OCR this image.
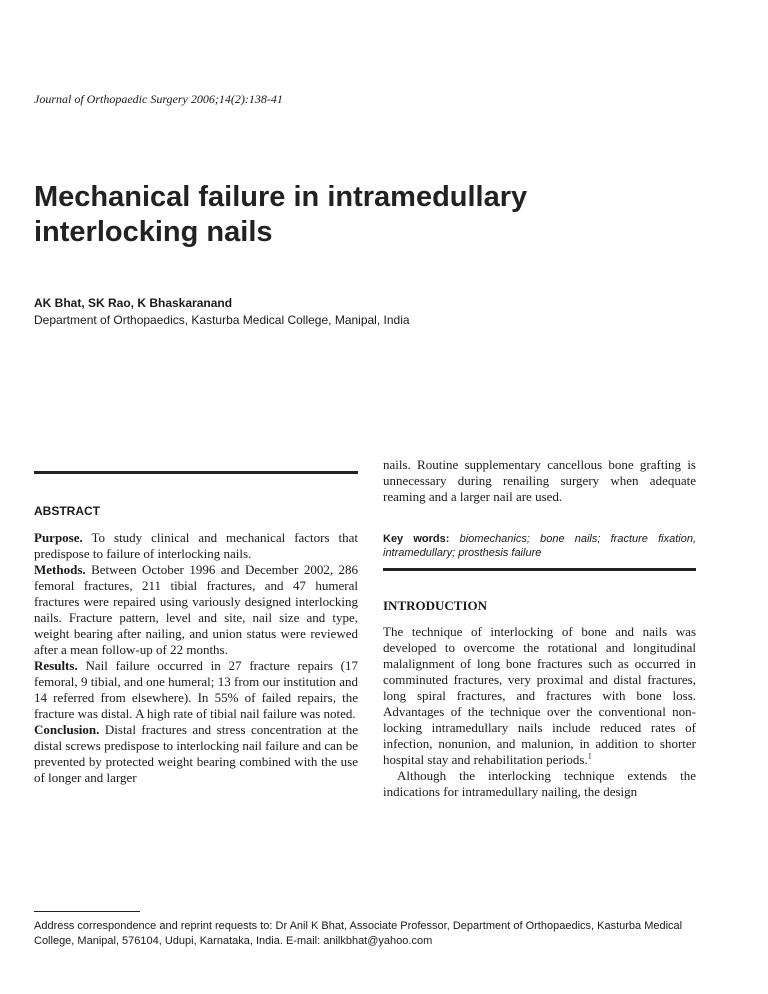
Journal of Orthopaedic Surgery 2006;14(2):138-41
Mechanical failure in intramedullary interlocking nails
AK Bhat, SK Rao, K Bhaskaranand
Department of Orthopaedics, Kasturba Medical College, Manipal, India
ABSTRACT

Purpose. To study clinical and mechanical factors that predispose to failure of interlocking nails.

Methods. Between October 1996 and December 2002, 286 femoral fractures, 211 tibial fractures, and 47 humeral fractures were repaired using variously designed interlocking nails. Fracture pattern, level and site, nail size and type, weight bearing after nailing, and union status were reviewed after a mean follow-up of 22 months.

Results. Nail failure occurred in 27 fracture repairs (17 femoral, 9 tibial, and one humeral; 13 from our institution and 14 referred from elsewhere). In 55% of failed repairs, the fracture was distal. A high rate of tibial nail failure was noted.

Conclusion. Distal fractures and stress concentration at the distal screws predispose to interlocking nail failure and can be prevented by protected weight bearing combined with the use of longer and larger

nails. Routine supplementary cancellous bone grafting is unnecessary during renailing surgery when adequate reaming and a larger nail are used.
Key words: biomechanics; bone nails; fracture fixation, intramedullary; prosthesis failure
INTRODUCTION

The technique of interlocking of bone and nails was developed to overcome the rotational and longitudinal malalignment of long bone fractures such as occurred in comminuted fractures, very proximal and distal fractures, long spiral fractures, and fractures with bone loss. Advantages of the technique over the conventional non-locking intramedullary nails include reduced rates of infection, nonunion, and malunion, in addition to shorter hospital stay and rehabilitation periods.$^1$

Although the interlocking technique extends the indications for intramedullary nailing, the design

Address correspondence and reprint requests to: Dr Anil K Bhat, Associate Professor, Department of Orthopaedics, Kasturba Medical College, Manipal, 576104, Udupi, Karnataka, India. E-mail: anilkbhat@yahoo.com
